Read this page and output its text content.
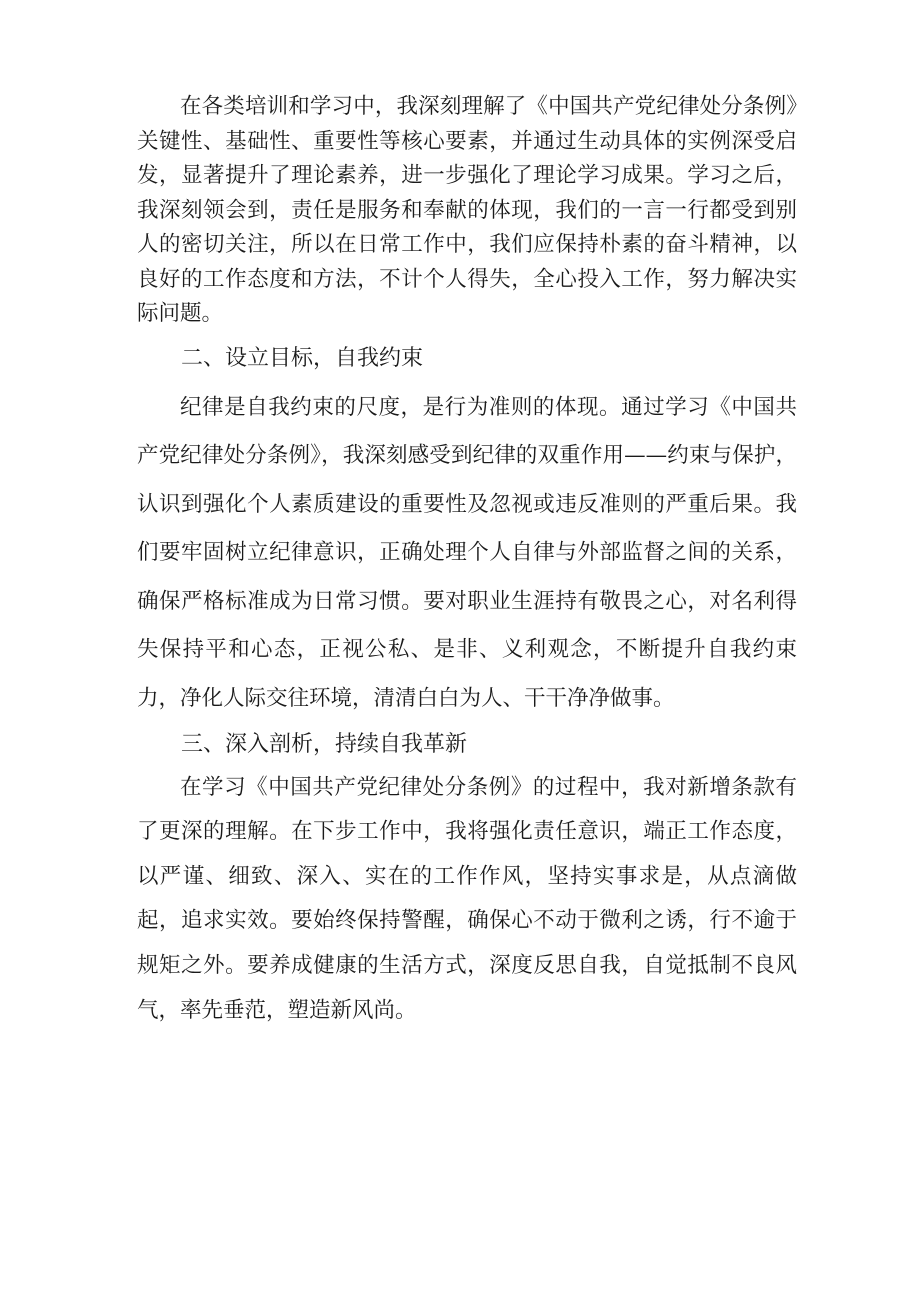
在各类培训和学习中，我深刻理解了《中国共产党纪律处分条例》关键性、基础性、重要性等核心要素，并通过生动具体的实例深受启发，显著提升了理论素养，进一步强化了理论学习成果。学习之后，我深刻领会到，责任是服务和奉献的体现，我们的一言一行都受到别人的密切关注，所以在日常工作中，我们应保持朴素的奋斗精神，以良好的工作态度和方法，不计个人得失，全心投入工作，努力解决实际问题。

二、设立目标，自我约束

纪律是自我约束的尺度，是行为准则的体现。通过学习《中国共产党纪律处分条例》，我深刻感受到纪律的双重作用——约束与保护，认识到强化个人素质建设的重要性及忽视或违反准则的严重后果。我们要牢固树立纪律意识，正确处理个人自律与外部监督之间的关系，确保严格标准成为日常习惯。要对职业生涯持有敬畏之心，对名利得失保持平和心态，正视公私、是非、义利观念，不断提升自我约束力，净化人际交往环境，清清白白为人、干干净净做事。

三、深入剖析，持续自我革新

在学习《中国共产党纪律处分条例》的过程中，我对新增条款有了更深的理解。在下步工作中，我将强化责任意识，端正工作态度，以严谨、细致、深入、实在的工作作风，坚持实事求是，从点滴做起，追求实效。要始终保持警醒，确保心不动于微利之诱，行不逾于规矩之外。要养成健康的生活方式，深度反思自我，自觉抵制不良风气，率先垂范，塑造新风尚。
